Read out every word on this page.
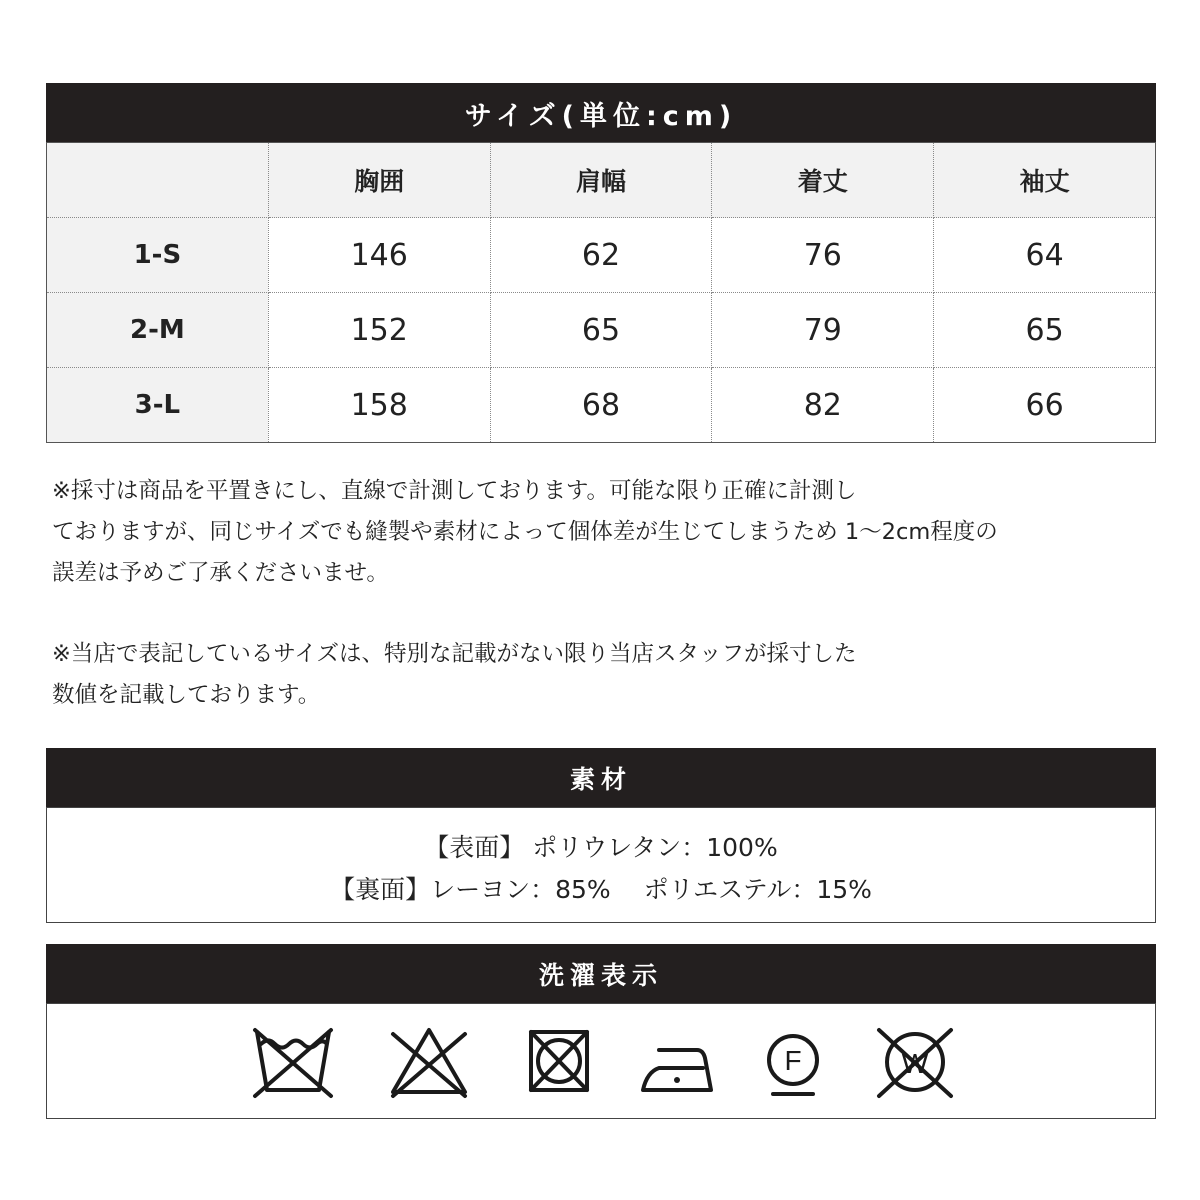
サイズ(単位:cm)
	胸囲	肩幅	着丈	袖丈
1-S	146	62	76	64
2-M	152	65	79	65
3-L	158	68	82	66
※採寸は商品を平置きにし、直線で計測しております。可能な限り正確に計測し
ておりますが、同じサイズでも縫製や素材によって個体差が生じてしまうため 1～2cm程度の
誤差は予めご了承くださいませ。
※当店で表記しているサイズは、特別な記載がない限り当店スタッフが採寸した
数値を記載しております。
素材
【表面】 ポリウレタン：100%
【裏面】レーヨン：85%　 ポリエステル：15%
洗濯表示
F	W
